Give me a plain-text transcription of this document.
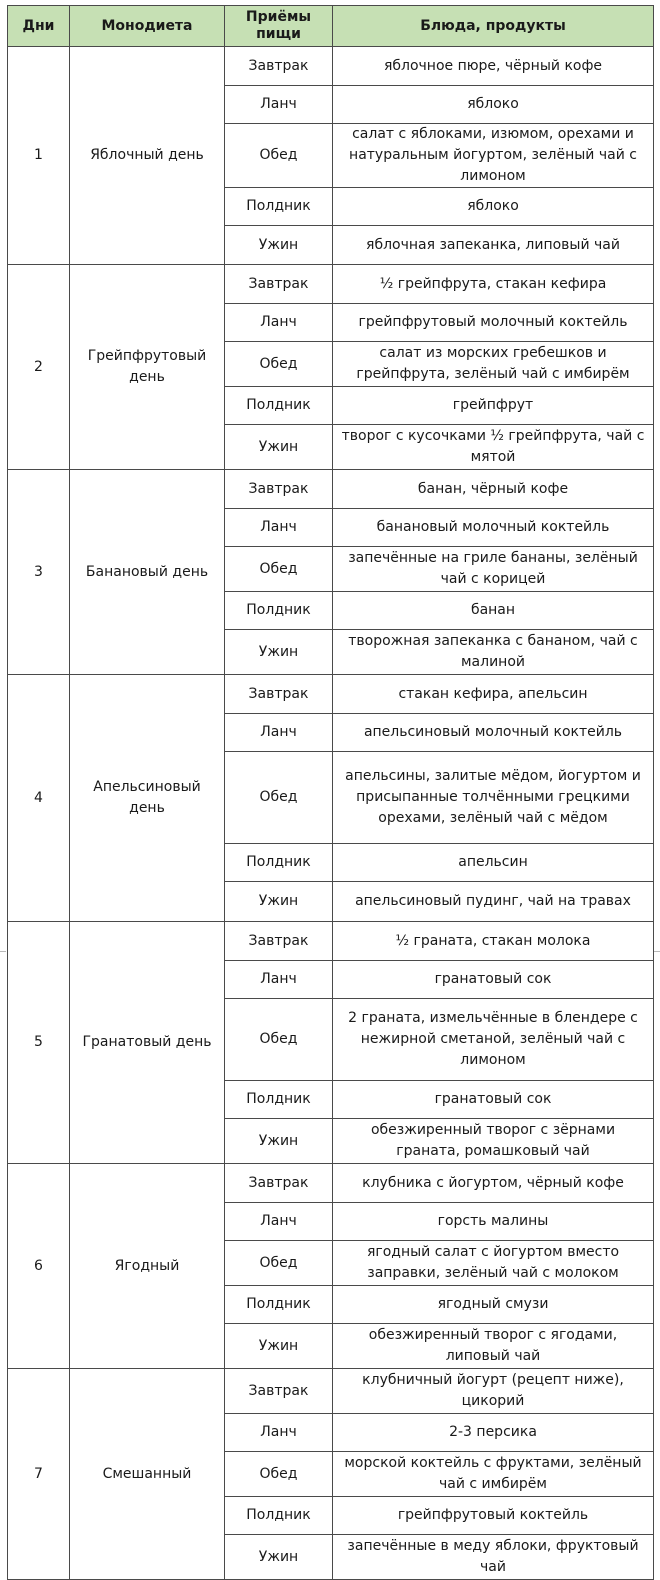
Дни	Монодиета	Приёмы пищи	Блюда, продукты
1	Яблочный день	Завтрак	яблочное пюре, чёрный кофе
		Ланч	яблоко
		Обед	салат с яблоками, изюмом, орехами и натуральным йогуртом, зелёный чай с лимоном
		Полдник	яблоко
		Ужин	яблочная запеканка, липовый чай
2	Грейпфрутовый день	Завтрак	½ грейпфрута, стакан кефира
		Ланч	грейпфрутовый молочный коктейль
		Обед	салат из морских гребешков и грейпфрута, зелёный чай с имбирём
		Полдник	грейпфрут
		Ужин	творог с кусочками ½ грейпфрута, чай с мятой
3	Банановый день	Завтрак	банан, чёрный кофе
		Ланч	банановый молочный коктейль
		Обед	запечённые на гриле бананы, зелёный чай с корицей
		Полдник	банан
		Ужин	творожная запеканка с бананом, чай с малиной
4	Апельсиновый день	Завтрак	стакан кефира, апельсин
		Ланч	апельсиновый молочный коктейль
		Обед	апельсины, залитые мёдом, йогуртом и присыпанные толчёнными грецкими орехами, зелёный чай с мёдом
		Полдник	апельсин
		Ужин	апельсиновый пудинг, чай на травах
5	Гранатовый день	Завтрак	½ граната, стакан молока
		Ланч	гранатовый сок
		Обед	2 граната, измельчённые в блендере с нежирной сметаной, зелёный чай с лимоном
		Полдник	гранатовый сок
		Ужин	обезжиренный творог с зёрнами граната, ромашковый чай
6	Ягодный	Завтрак	клубника с йогуртом, чёрный кофе
		Ланч	горсть малины
		Обед	ягодный салат с йогуртом вместо заправки, зелёный чай с молоком
		Полдник	ягодный смузи
		Ужин	обезжиренный творог с ягодами, липовый чай
7	Смешанный	Завтрак	клубничный йогурт (рецепт ниже), цикорий
		Ланч	2-3 персика
		Обед	морской коктейль с фруктами, зелёный чай с имбирём
		Полдник	грейпфрутовый коктейль
		Ужин	запечённые в меду яблоки, фруктовый чай
